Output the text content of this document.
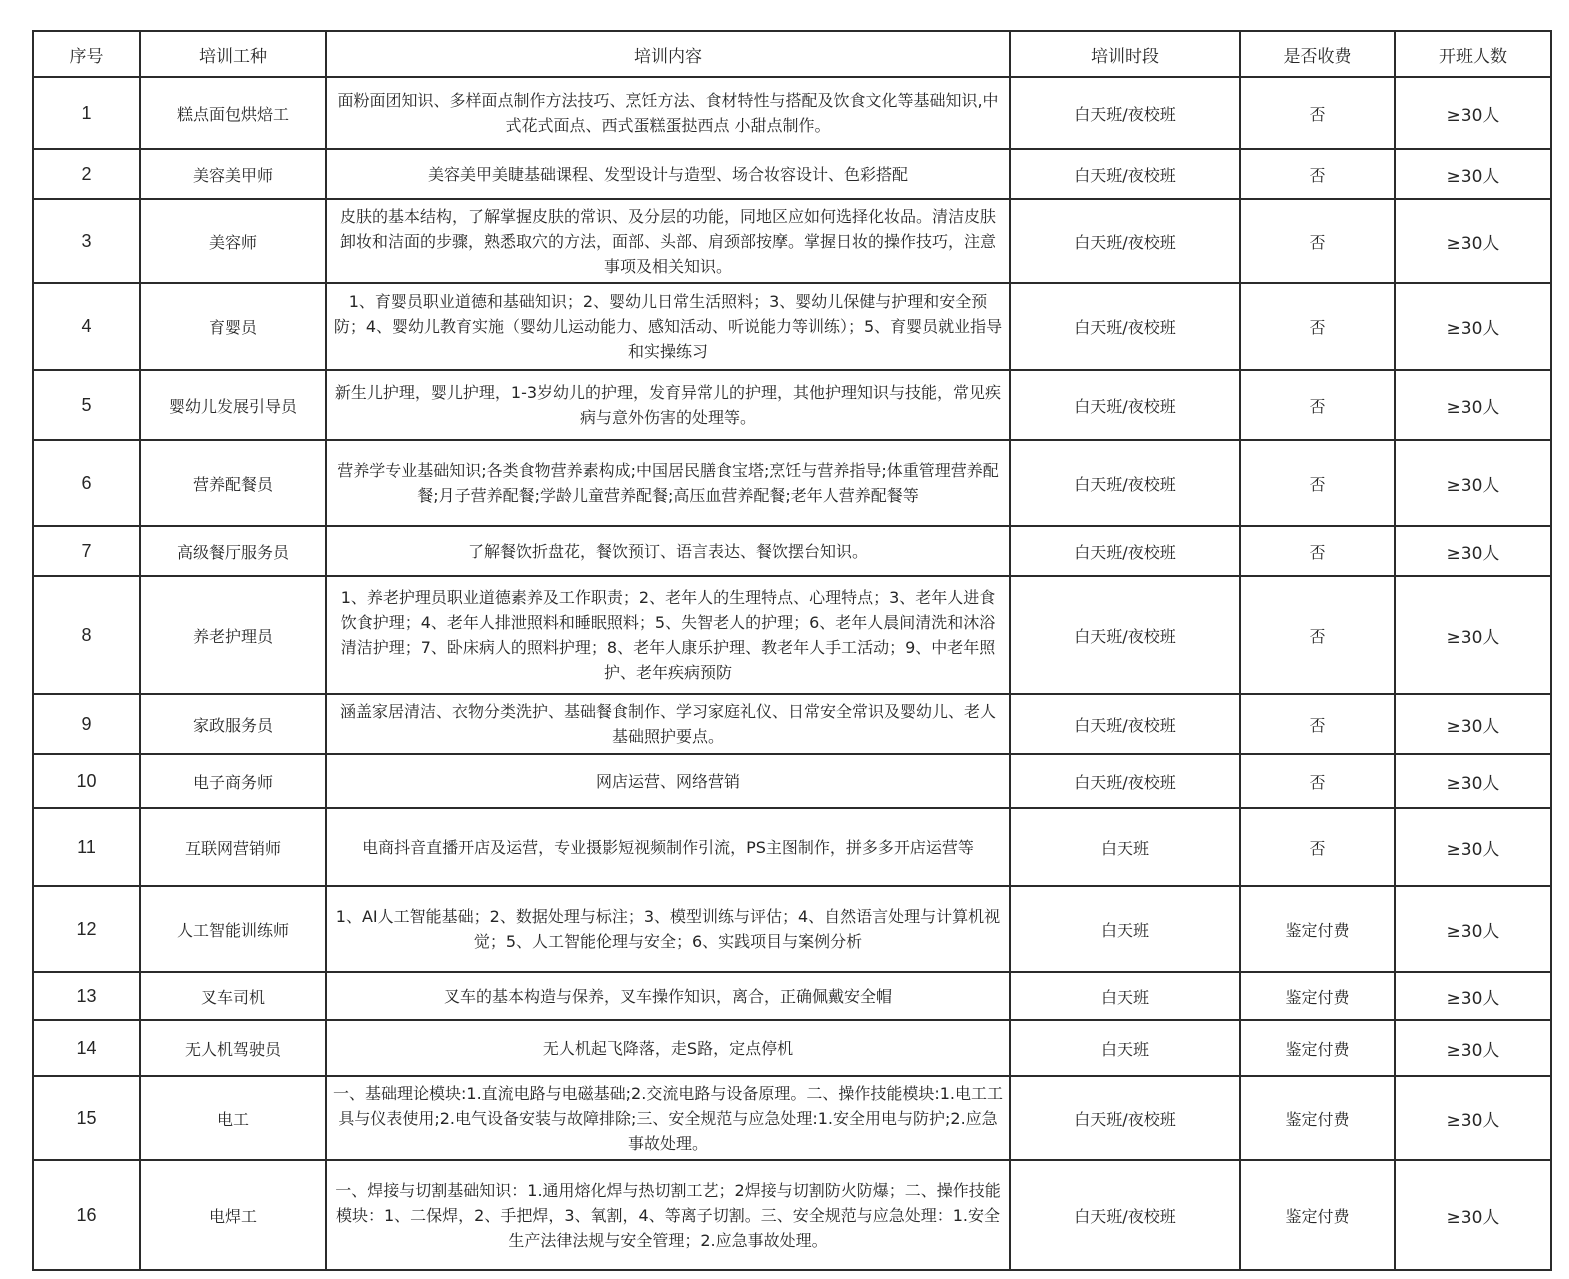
序号	培训工种	培训内容	培训时段	是否收费	开班人数
1	糕点面包烘焙工	面粉面团知识、多样面点制作方法技巧、烹饪方法、食材特性与搭配及饮食文化等基础知识,中式花式面点、西式蛋糕蛋挞西点 小甜点制作。	白天班/夜校班	否	≥30人
2	美容美甲师	美容美甲美睫基础课程、发型设计与造型、场合妆容设计、色彩搭配	白天班/夜校班	否	≥30人
3	美容师	皮肤的基本结构，了解掌握皮肤的常识、及分层的功能，同地区应如何选择化妆品。清洁皮肤卸妆和洁面的步骤，熟悉取穴的方法，面部、头部、肩颈部按摩。掌握日妆的操作技巧，注意事项及相关知识。	白天班/夜校班	否	≥30人
4	育婴员	1、育婴员职业道德和基础知识；2、婴幼儿日常生活照料；3、婴幼儿保健与护理和安全预防；4、婴幼儿教育实施（婴幼儿运动能力、感知活动、听说能力等训练）；5、育婴员就业指导和实操练习	白天班/夜校班	否	≥30人
5	婴幼儿发展引导员	新生儿护理，婴儿护理，1-3岁幼儿的护理，发育异常儿的护理，其他护理知识与技能，常见疾病与意外伤害的处理等。	白天班/夜校班	否	≥30人
6	营养配餐员	营养学专业基础知识;各类食物营养素构成;中国居民膳食宝塔;烹饪与营养指导;体重管理营养配餐;月子营养配餐;学龄儿童营养配餐;高压血营养配餐;老年人营养配餐等	白天班/夜校班	否	≥30人
7	高级餐厅服务员	了解餐饮折盘花，餐饮预订、语言表达、餐饮摆台知识。	白天班/夜校班	否	≥30人
8	养老护理员	1、养老护理员职业道德素养及工作职责；2、老年人的生理特点、心理特点；3、老年人进食饮食护理；4、老年人排泄照料和睡眠照料；5、失智老人的护理；6、老年人晨间清洗和沐浴清洁护理；7、卧床病人的照料护理；8、老年人康乐护理、教老年人手工活动；9、中老年照护、老年疾病预防	白天班/夜校班	否	≥30人
9	家政服务员	涵盖家居清洁、衣物分类洗护、基础餐食制作、学习家庭礼仪、日常安全常识及婴幼儿、老人基础照护要点。	白天班/夜校班	否	≥30人
10	电子商务师	网店运营、网络营销	白天班/夜校班	否	≥30人
11	互联网营销师	电商抖音直播开店及运营，专业摄影短视频制作引流，PS主图制作，拼多多开店运营等	白天班	否	≥30人
12	人工智能训练师	1、AI人工智能基础；2、数据处理与标注；3、模型训练与评估；4、自然语言处理与计算机视觉；5、人工智能伦理与安全；6、实践项目与案例分析	白天班	鉴定付费	≥30人
13	叉车司机	叉车的基本构造与保养，叉车操作知识，离合，正确佩戴安全帽	白天班	鉴定付费	≥30人
14	无人机驾驶员	无人机起飞降落，走S路，定点停机	白天班	鉴定付费	≥30人
15	电工	一、基础理论模块:1.直流电路与电磁基础;2.交流电路与设备原理。二、操作技能模块:1.电工工具与仪表使用;2.电气设备安装与故障排除;三、安全规范与应急处理:1.安全用电与防护;2.应急事故处理。	白天班/夜校班	鉴定付费	≥30人
16	电焊工	一、焊接与切割基础知识：1.通用熔化焊与热切割工艺；2焊接与切割防火防爆；二、操作技能模块：1、二保焊，2、手把焊，3、氧割，4、等离子切割。三、安全规范与应急处理：1.安全生产法律法规与安全管理；2.应急事故处理。	白天班/夜校班	鉴定付费	≥30人
